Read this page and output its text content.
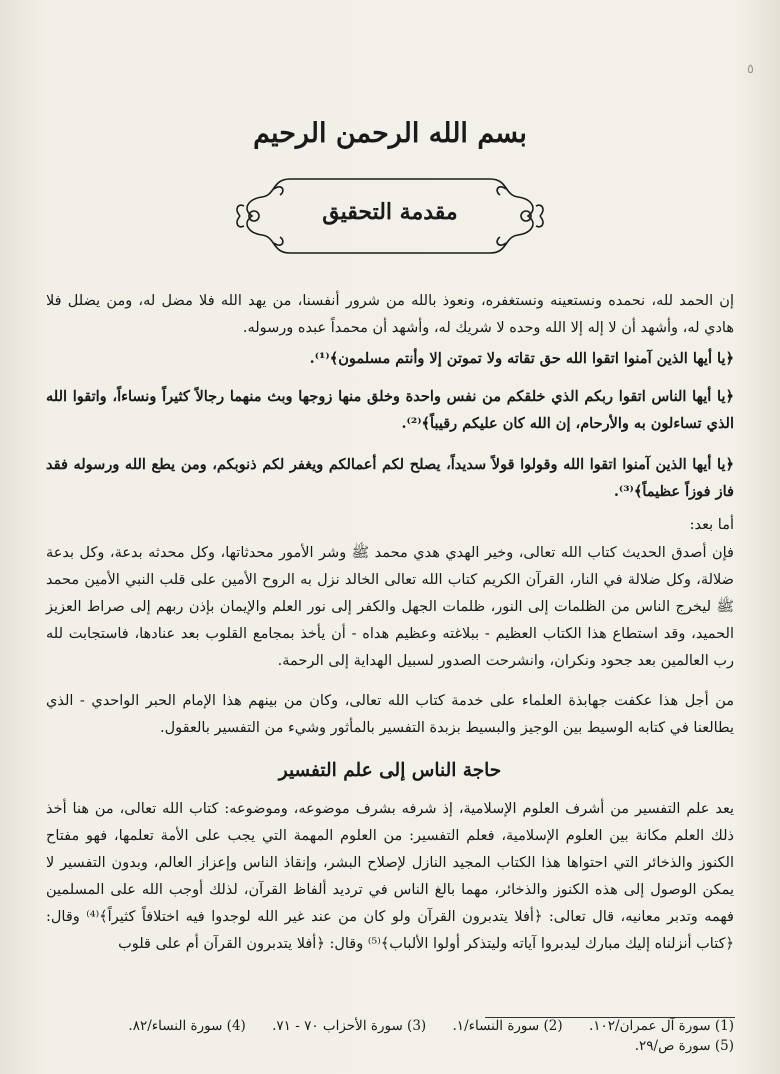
٥
بسم الله الرحمن الرحيم
مقدمة التحقيق
إن الحمد لله، نحمده ونستعينه ونستغفره، ونعوذ بالله من شرور أنفسنا، من يهد الله فلا مضل له، ومن يضلل فلا هادي له، وأشهد أن لا إله إلا الله وحده لا شريك له، وأشهد أن محمداً عبده ورسوله.
﴿يا أيها الذين آمنوا اتقوا الله حق تقاته ولا تموتن إلا وأنتم مسلمون﴾⁽¹⁾.
﴿يا أيها الناس اتقوا ربكم الذي خلقكم من نفس واحدة وخلق منها زوجها وبث منهما رجالاً كثيراً ونساءاً، واتقوا الله الذي تساءلون به والأرحام، إن الله كان عليكم رقيباً﴾⁽²⁾.
﴿يا أيها الذين آمنوا اتقوا الله وقولوا قولاً سديداً، يصلح لكم أعمالكم ويغفر لكم ذنوبكم، ومن يطع الله ورسوله فقد فاز فوزاً عظيماً﴾⁽³⁾.
أما بعد:
فإن أصدق الحديث كتاب الله تعالى، وخير الهدي هدي محمد ﷺ وشر الأمور محدثاتها، وكل محدثه بدعة، وكل بدعة ضلالة، وكل ضلالة في النار، القرآن الكريم كتاب الله تعالى الخالد نزل به الروح الأمين على قلب النبي الأمين محمد ﷺ ليخرج الناس من الظلمات إلى النور، ظلمات الجهل والكفر إلى نور العلم والإيمان بإذن ربهم إلى صراط العزيز الحميد، وقد استطاع هذا الكتاب العظيم - ببلاغته وعظيم هداه - أن يأخذ بمجامع القلوب بعد عنادها، فاستجابت لله رب العالمين بعد جحود ونكران، وانشرحت الصدور لسبيل الهداية إلى الرحمة.
من أجل هذا عكفت جهابذة العلماء على خدمة كتاب الله تعالى، وكان من بينهم هذا الإمام الحبر الواحدي - الذي يطالعنا في كتابه الوسيط بين الوجيز والبسيط بزبدة التفسير بالمأثور وشيء من التفسير بالعقول.
حاجة الناس إلى علم التفسير
يعد علم التفسير من أشرف العلوم الإسلامية، إذ شرفه بشرف موضوعه، وموضوعه: كتاب الله تعالى، من هنا أخذ ذلك العلم مكانة بين العلوم الإسلامية، فعلم التفسير: من العلوم المهمة التي يجب على الأمة تعلمها، فهو مفتاح الكنوز والذخائر التي احتواها هذا الكتاب المجيد النازل لإصلاح البشر، وإنقاذ الناس وإعزاز العالم، وبدون التفسير لا يمكن الوصول إلى هذه الكنوز والذخائر، مهما بالغ الناس في ترديد ألفاظ القرآن، لذلك أوجب الله على المسلمين فهمه وتدبر معانيه، قال تعالى: ﴿أفلا يتدبرون القرآن ولو كان من عند غير الله لوجدوا فيه اختلافاً كثيراً﴾⁽⁴⁾ وقال: ﴿كتاب أنزلناه إليك مبارك ليدبروا آياته وليتذكر أولوا الألباب﴾⁽⁵⁾ وقال: ﴿أفلا يتدبرون القرآن أم على قلوب
(1) سورة آل عمران/١٠٢. (2) سورة النساء/١. (3) سورة الأحزاب ٧٠ - ٧١. (4) سورة النساء/٨٢. (5) سورة ص/٢٩.
